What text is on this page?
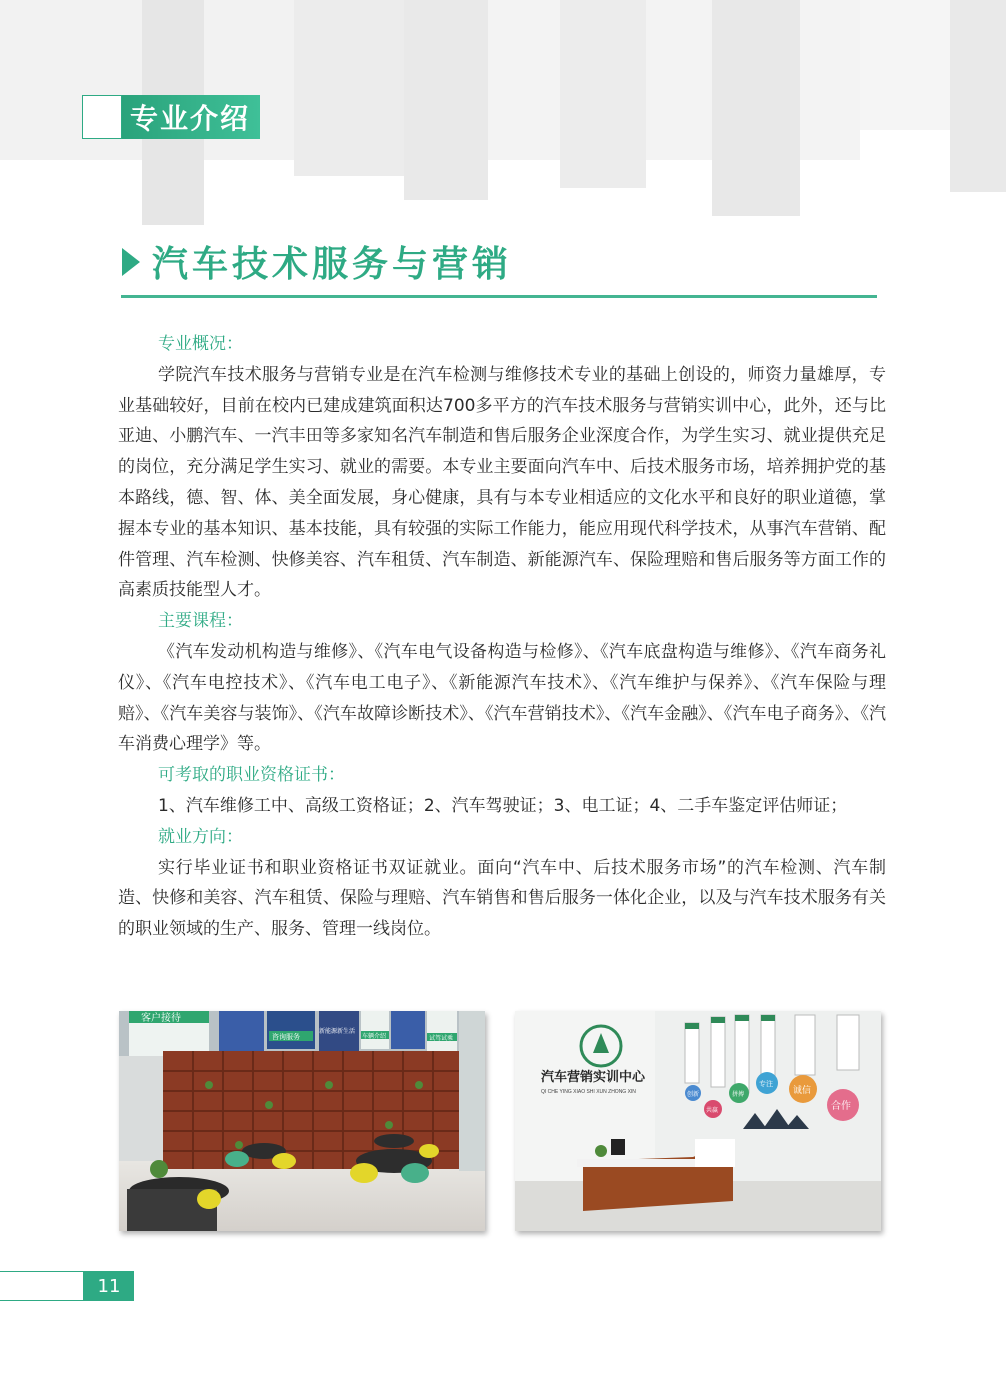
专业介绍
汽车技术服务与营销

专业概况：

学院汽车技术服务与营销专业是在汽车检测与维修技术专业的基础上创设的，师资力量雄厚，专业基础较好，目前在校内已建成建筑面积达700多平方的汽车技术服务与营销实训中心，此外，还与比亚迪、小鹏汽车、一汽丰田等多家知名汽车制造和售后服务企业深度合作，为学生实习、就业提供充足的岗位，充分满足学生实习、就业的需要。本专业主要面向汽车中、后技术服务市场，培养拥护党的基本路线，德、智、体、美全面发展，身心健康，具有与本专业相适应的文化水平和良好的职业道德，掌握本专业的基本知识、基本技能，具有较强的实际工作能力，能应用现代科学技术，从事汽车营销、配件管理、汽车检测、快修美容、汽车租赁、汽车制造、新能源汽车、保险理赔和售后服务等方面工作的高素质技能型人才。

主要课程：

《汽车发动机构造与维修》、《汽车电气设备构造与检修》、《汽车底盘构造与维修》、《汽车商务礼仪》、《汽车电控技术》、《汽车电工电子》、《新能源汽车技术》、《汽车维护与保养》、《汽车保险与理赔》、《汽车美容与装饰》、《汽车故障诊断技术》、《汽车营销技术》、《汽车金融》、《汽车电子商务》、《汽车消费心理学》等。

可考取的职业资格证书：

1、汽车维修工中、高级工资格证；2、汽车驾驶证；3、电工证；4、二手车鉴定评估师证；

就业方向：

实行毕业证书和职业资格证书双证就业。面向“汽车中、后技术服务市场”的汽车检测、汽车制造、快修和美容、汽车租赁、保险与理赔、汽车销售和售后服务一体化企业，以及与汽车技术服务有关的职业领域的生产、服务、管理一线岗位。

客户接待
咨询服务
新能源新生活
车辆介绍	试驾试乘
汽车营销实训中心
QI CHE YING XIAO SHI XUN ZHONG XIN	创新
共赢
拼搏
专注
诚信
合作
11
